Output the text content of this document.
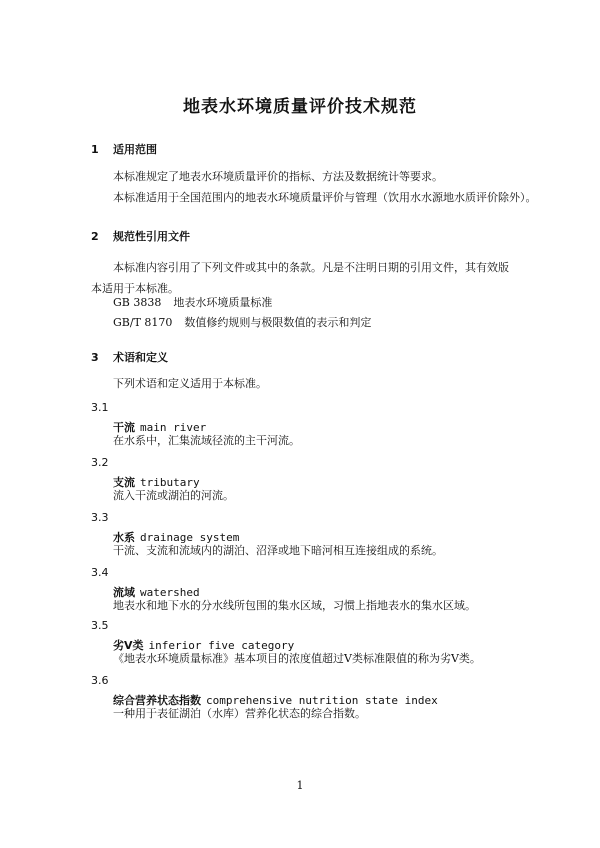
地表水环境质量评价技术规范
1 适用范围
本标准规定了地表水环境质量评价的指标、方法及数据统计等要求。
本标准适用于全国范围内的地表水环境质量评价与管理（饮用水水源地水质评价除外）。
2 规范性引用文件
本标准内容引用了下列文件或其中的条款。凡是不注明日期的引用文件，其有效版本适用于本标准。
GB 3838 地表水环境质量标准
GB/T 8170 数值修约规则与极限数值的表示和判定
3 术语和定义
下列术语和定义适用于本标准。
3.1
干流 main river
在水系中，汇集流域径流的主干河流。
3.2
支流 tributary
流入干流或湖泊的河流。
3.3
水系 drainage system
干流、支流和流域内的湖泊、沼泽或地下暗河相互连接组成的系统。
3.4
流域 watershed
地表水和地下水的分水线所包围的集水区域，习惯上指地表水的集水区域。
3.5
劣Ⅴ类 inferior five category
《地表水环境质量标准》基本项目的浓度值超过Ⅴ类标准限值的称为劣Ⅴ类。
3.6
综合营养状态指数 comprehensive nutrition state index
一种用于表征湖泊（水库）营养化状态的综合指数。
1
